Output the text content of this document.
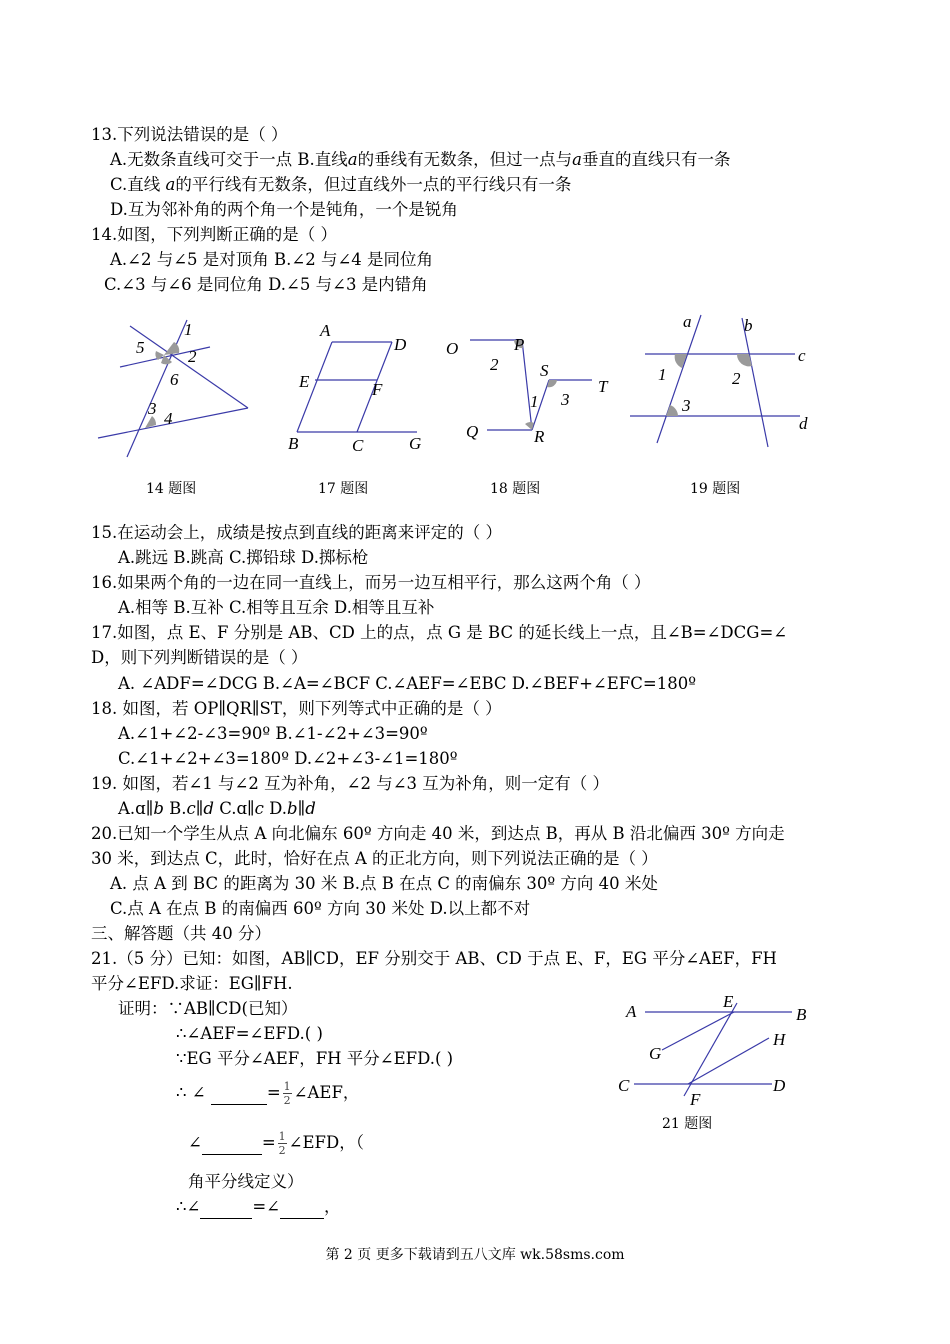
13.下列说法错误的是（ ）
A.无数条直线可交于一点 B.直线𝑎的垂线有无数条，但过一点与𝑎垂直的直线只有一条
C.直线 𝑎的平行线有无数条，但过直线外一点的平行线只有一条
D.互为邻补角的两个角一个是钝角，一个是锐角
14.如图，下列判断正确的是（ ）
A.∠2 与∠5 是对顶角 B.∠2 与∠4 是同位角
C.∠3 与∠6 是同位角 D.∠5 与∠3 是内错角
1
5	2
6
3
4
A
D
E	F
B	C	G
O	P
2 S
T
1 3
Q	R
a	b
c
1	2
3
d
14 题图	17 题图	18 题图	19 题图
15.在运动会上，成绩是按点到直线的距离来评定的（ ）
A.跳远 B.跳高 C.掷铅球 D.掷标枪
16.如果两个角的一边在同一直线上，而另一边互相平行，那么这两个角（ ）
A.相等 B.互补 C.相等且互余 D.相等且互补
17.如图，点 E、F 分别是 AB、CD 上的点，点 G 是 BC 的延长线上一点，且∠B=∠DCG=∠
D，则下列判断错误的是（ ）
A. ∠ADF=∠DCG B.∠A=∠BCF C.∠AEF=∠EBC D.∠BEF+∠EFC=180º
18. 如图，若 OP∥QR∥ST，则下列等式中正确的是（ ）
A.∠1+∠2-∠3=90º B.∠1-∠2+∠3=90º
C.∠1+∠2+∠3=180º D.∠2+∠3-∠1=180º
19. 如图，若∠1 与∠2 互为补角，∠2 与∠3 互为补角，则一定有（ ）
A.ɑ∥𝑏 B.𝑐∥𝑑 C.ɑ∥𝑐 D.𝑏∥𝑑
20.已知一个学生从点 A 向北偏东 60º 方向走 40 米，到达点 B，再从 B 沿北偏西 30º 方向走
30 米，到达点 C，此时，恰好在点 A 的正北方向，则下列说法正确的是（ ）
A. 点 A 到 BC 的距离为 30 米 B.点 B 在点 C 的南偏东 30º 方向 40 米处
C.点 A 在点 B 的南偏西 60º 方向 30 米处 D.以上都不对
三、解答题（共 40 分）
21.（5 分）已知：如图，AB∥CD，EF 分别交于 AB、CD 于点 E、F，EG 平分∠AEF，FH
平分∠EFD.求证：EG∥FH.
证明：∵AB∥CD(已知）
∴∠AEF=∠EFD.( )
∵EG 平分∠AEF，FH 平分∠EFD.( )
∴ ∠	= $\frac{1}{2}$ ∠AEF，
∠	= $\frac{1}{2}$ ∠EFD，（
角平分线定义）
∴∠	=∠	，
A
E
B
H
G
C	D
F
21 题图
第 2 页 更多下载请到五八文库 wk.58sms.com
